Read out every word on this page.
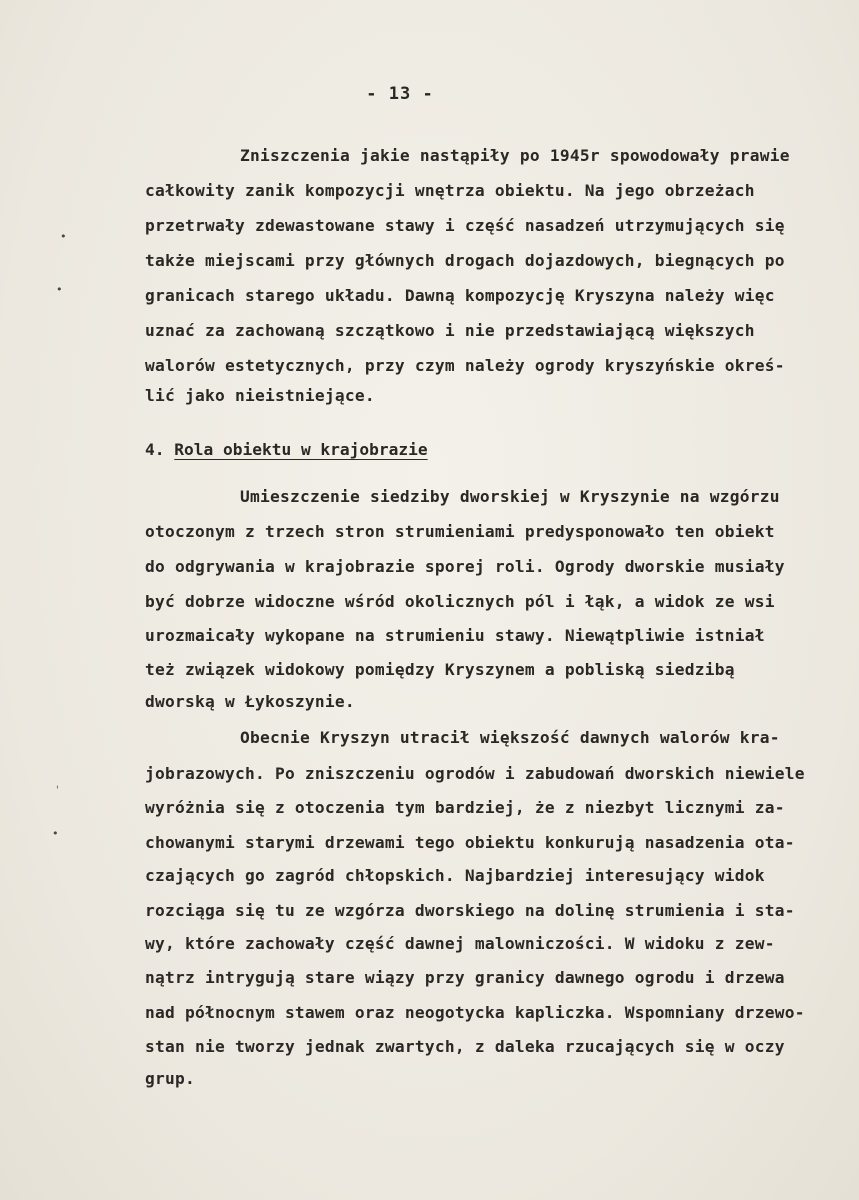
- 13 -
Zniszczenia jakie nastąpiły po 1945r spowodowały prawie
całkowity zanik kompozycji wnętrza obiektu. Na jego obrzeżach
przetrwały zdewastowane stawy i część nasadzeń utrzymujących się
także miejscami przy głównych drogach dojazdowych, biegnących po
granicach starego układu. Dawną kompozycję Kryszyna należy więc
uznać za zachowaną szczątkowo i nie przedstawiającą większych
walorów estetycznych, przy czym należy ogrody kryszyńskie okreś-
lić jako nieistniejące.
4. Rola obiektu w krajobrazie
Umieszczenie siedziby dworskiej w Kryszynie na wzgórzu
otoczonym z trzech stron strumieniami predysponowało ten obiekt
do odgrywania w krajobrazie sporej roli. Ogrody dworskie musiały
być dobrze widoczne wśród okolicznych pól i łąk, a widok ze wsi
urozmaicały wykopane na strumieniu stawy. Niewątpliwie istniał
też związek widokowy pomiędzy Kryszynem a pobliską siedzibą
dworską w Łykoszynie.
Obecnie Kryszyn utracił większość dawnych walorów kra-
jobrazowych. Po zniszczeniu ogrodów i zabudowań dworskich niewiele
wyróżnia się z otoczenia tym bardziej, że z niezbyt licznymi za-
chowanymi starymi drzewami tego obiektu konkurują nasadzenia ota-
czających go zagród chłopskich. Najbardziej interesujący widok
rozciąga się tu ze wzgórza dworskiego na dolinę strumienia i sta-
wy, które zachowały część dawnej malowniczości. W widoku z zew-
nątrz intrygują stare wiązy przy granicy dawnego ogrodu i drzewa
nad północnym stawem oraz neogotycka kapliczka. Wspomniany drzewo-
stan nie tworzy jednak zwartych, z daleka rzucających się w oczy
grup.
•
•
ˌ
•
